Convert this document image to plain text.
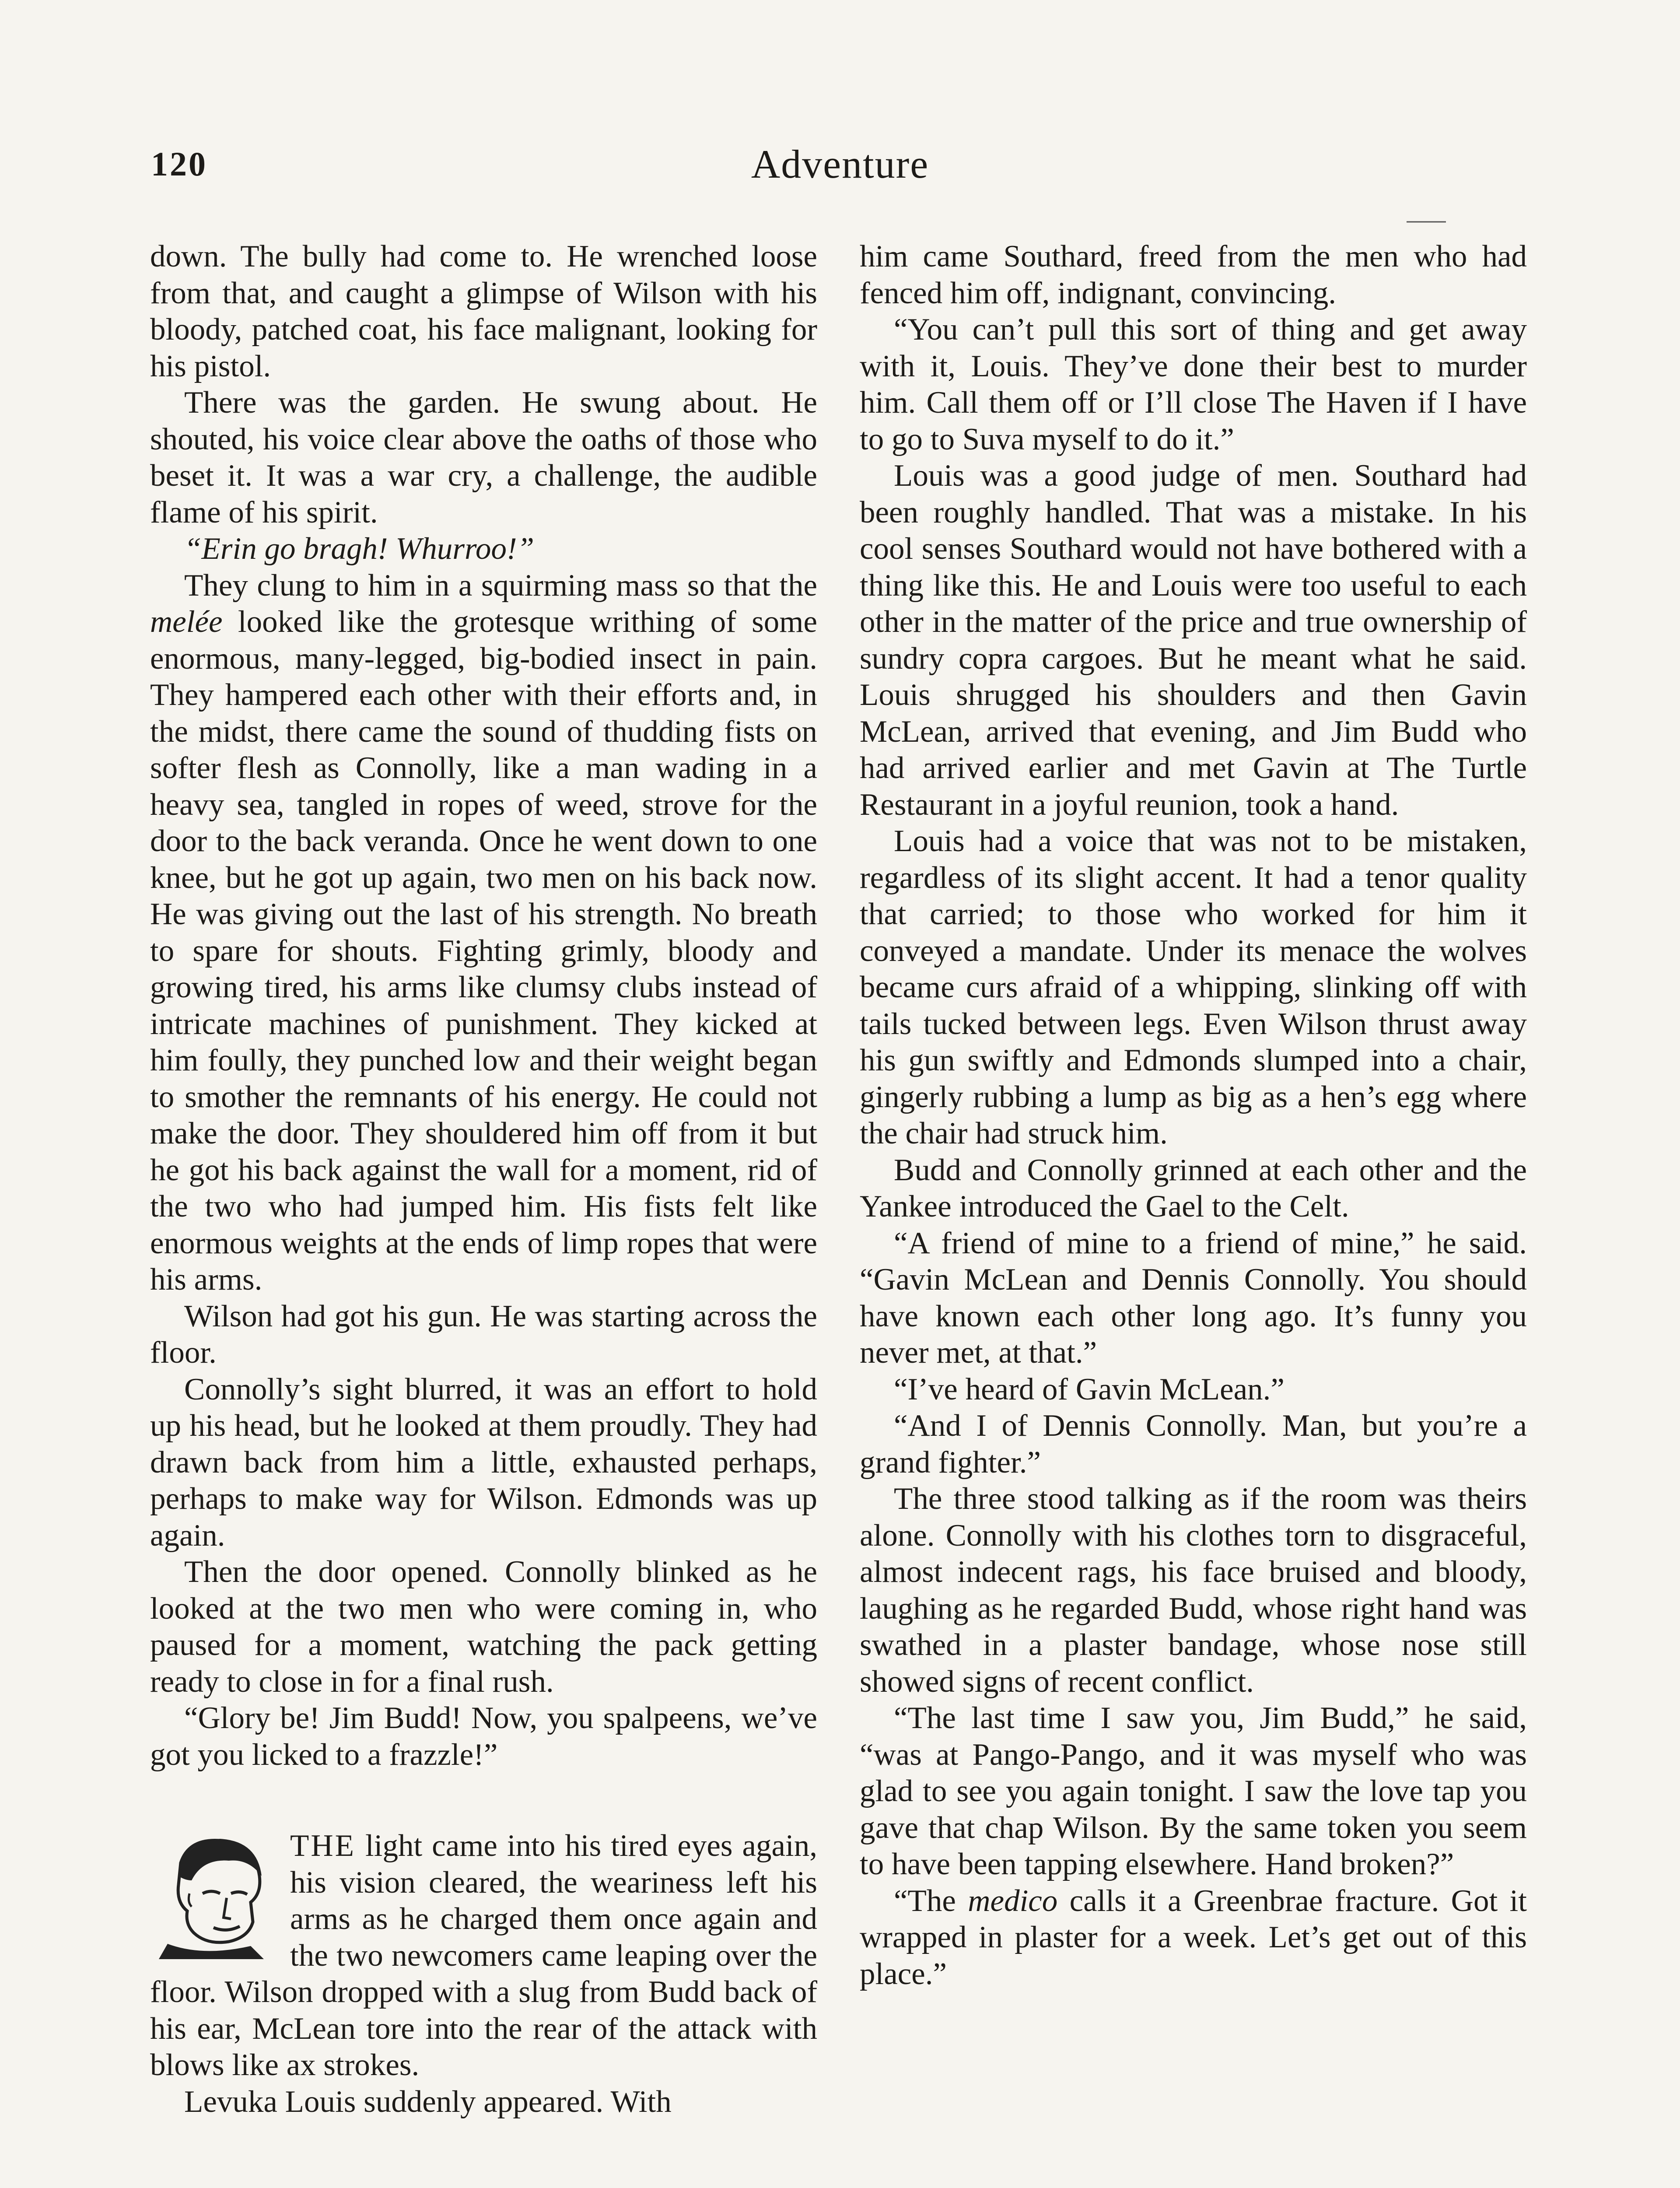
120	Adventure

down. The bully had come to. He wrenched loose from that, and caught a glimpse of Wilson with his bloody, patched coat, his face malignant, looking for his pistol.

There was the garden. He swung about. He shouted, his voice clear above the oaths of those who beset it. It was a war cry, a challenge, the audible flame of his spirit.

“Erin go bragh! Whurroo!”

They clung to him in a squirming mass so that the melée looked like the grotesque writhing of some enormous, many-legged, big-bodied insect in pain. They hampered each other with their efforts and, in the midst, there came the sound of thudding fists on softer flesh as Connolly, like a man wading in a heavy sea, tangled in ropes of weed, strove for the door to the back veranda. Once he went down to one knee, but he got up again, two men on his back now. He was giving out the last of his strength. No breath to spare for shouts. Fighting grimly, bloody and growing tired, his arms like clumsy clubs instead of intricate machines of punishment. They kicked at him foully, they punched low and their weight began to smother the remnants of his energy. He could not make the door. They shouldered him off from it but he got his back against the wall for a moment, rid of the two who had jumped him. His fists felt like enormous weights at the ends of limp ropes that were his arms.

Wilson had got his gun. He was starting across the floor.

Connolly’s sight blurred, it was an effort to hold up his head, but he looked at them proudly. They had drawn back from him a little, exhausted perhaps, perhaps to make way for Wilson. Edmonds was up again.

Then the door opened. Connolly blinked as he looked at the two men who were coming in, who paused for a moment, watching the pack getting ready to close in for a final rush.

“Glory be! Jim Budd! Now, you spalpeens, we’ve got you licked to a frazzle!”

THE light came into his tired eyes again, his vision cleared, the weariness left his arms as he charged them once again and the two newcomers came leaping over the floor. Wilson dropped with a slug from Budd back of his ear, McLean tore into the rear of the attack with blows like ax strokes.

Levuka Louis suddenly appeared. With

him came Southard, freed from the men who had fenced him off, indignant, convincing.

“You can’t pull this sort of thing and get away with it, Louis. They’ve done their best to murder him. Call them off or I’ll close The Haven if I have to go to Suva myself to do it.”

Louis was a good judge of men. Southard had been roughly handled. That was a mistake. In his cool senses Southard would not have bothered with a thing like this. He and Louis were too useful to each other in the matter of the price and true ownership of sundry copra cargoes. But he meant what he said. Louis shrugged his shoulders and then Gavin McLean, arrived that evening, and Jim Budd who had arrived earlier and met Gavin at The Turtle Restaurant in a joyful reunion, took a hand.

Louis had a voice that was not to be mistaken, regardless of its slight accent. It had a tenor quality that carried; to those who worked for him it conveyed a mandate. Under its menace the wolves became curs afraid of a whipping, slinking off with tails tucked between legs. Even Wilson thrust away his gun swiftly and Edmonds slumped into a chair, gingerly rubbing a lump as big as a hen’s egg where the chair had struck him.

Budd and Connolly grinned at each other and the Yankee introduced the Gael to the Celt.

“A friend of mine to a friend of mine,” he said. “Gavin McLean and Dennis Connolly. You should have known each other long ago. It’s funny you never met, at that.”

“I’ve heard of Gavin McLean.”

“And I of Dennis Connolly. Man, but you’re a grand fighter.”

The three stood talking as if the room was theirs alone. Connolly with his clothes torn to disgraceful, almost indecent rags, his face bruised and bloody, laughing as he regarded Budd, whose right hand was swathed in a plaster bandage, whose nose still showed signs of recent conflict.

“The last time I saw you, Jim Budd,” he said, “was at Pango-Pango, and it was myself who was glad to see you again tonight. I saw the love tap you gave that chap Wilson. By the same token you seem to have been tapping elsewhere. Hand broken?”

“The medico calls it a Greenbrae fracture. Got it wrapped in plaster for a week. Let’s get out of this place.”
